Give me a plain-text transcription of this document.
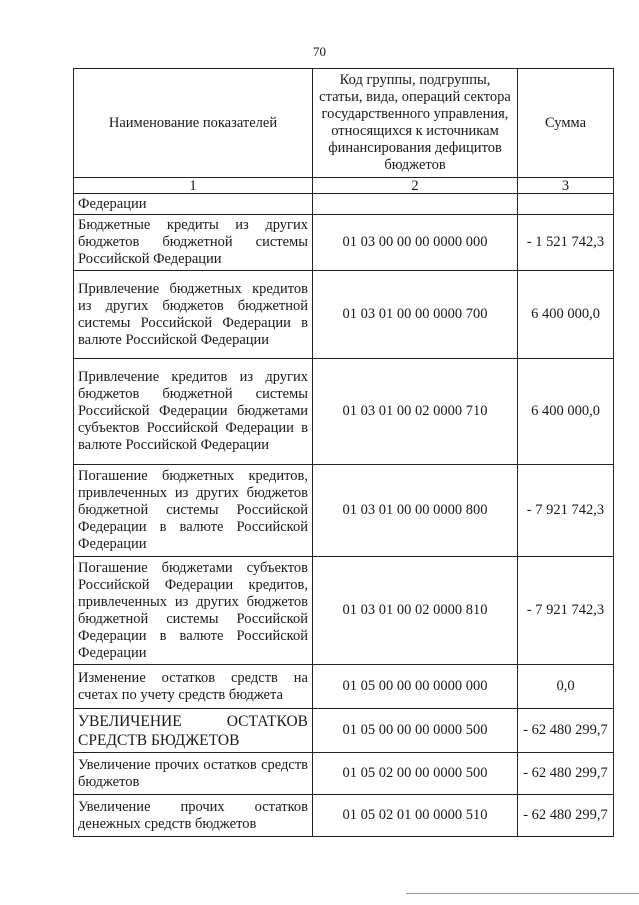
70
Наименование показателей	Код группы, подгруппы, статьи, вида, операций сектора государственного управления, относящихся к источникам финансирования дефицитов бюджетов	Сумма
1	2	3
Федерации		
Бюджетные кредиты из других бюджетов бюджетной системы Российской Федерации	01 03 00 00 00 0000 000	- 1 521 742,3
Привлечение бюджетных кредитов из других бюджетов бюджетной системы Российской Федерации в валюте Российской Федерации	01 03 01 00 00 0000 700	6 400 000,0
Привлечение кредитов из других бюджетов бюджетной системы Российской Федерации бюджетами субъектов Российской Федерации в валюте Российской Федерации	01 03 01 00 02 0000 710	6 400 000,0
Погашение бюджетных кредитов, привлеченных из других бюджетов бюджетной системы Российской Федерации в валюте Российской Федерации	01 03 01 00 00 0000 800	- 7 921 742,3
Погашение бюджетами субъектов Российской Федерации кредитов, привлеченных из других бюджетов бюджетной системы Российской Федерации в валюте Российской Федерации	01 03 01 00 02 0000 810	- 7 921 742,3
Изменение остатков средств на счетах по учету средств бюджета	01 05 00 00 00 0000 000	0,0
УВЕЛИЧЕНИЕ ОСТАТКОВ СРЕДСТВ БЮДЖЕТОВ	01 05 00 00 00 0000 500	- 62 480 299,7
Увеличение прочих остатков средств бюджетов	01 05 02 00 00 0000 500	- 62 480 299,7
Увеличение прочих остатков денежных средств бюджетов	01 05 02 01 00 0000 510	- 62 480 299,7
